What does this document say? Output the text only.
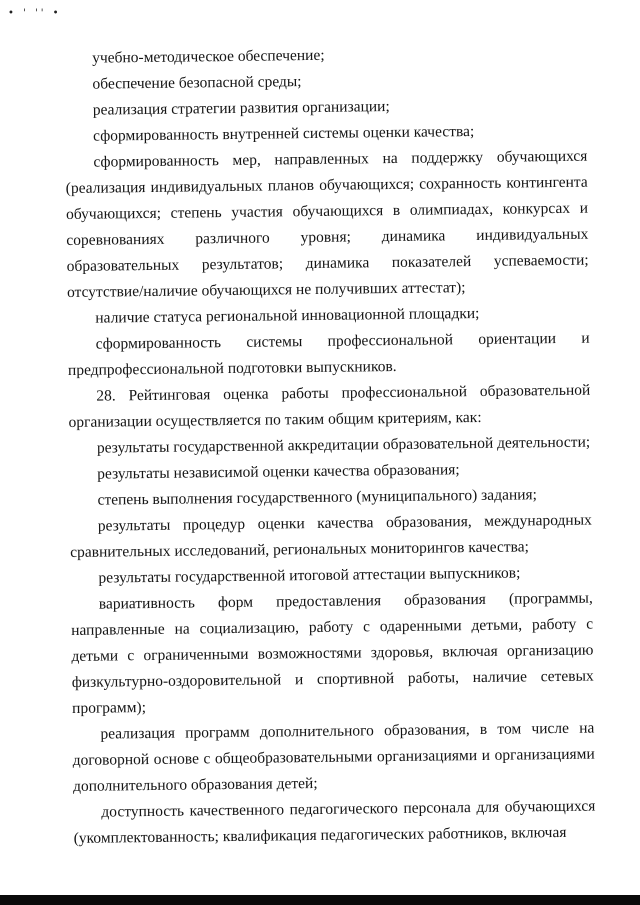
• ' '' •

учебно-методическое обеспечение;

обеспечение безопасной среды;

реализация стратегии развития организации;

сформированность внутренней системы оценки качества;

сформированность мер, направленных на поддержку обучающихся (реализация индивидуальных планов обучающихся; сохранность контингента обучающихся; степень участия обучающихся в олимпиадах, конкурсах и соревнованиях различного уровня; динамика индивидуальных образовательных результатов; динамика показателей успеваемости; отсутствие/наличие обучающихся не получивших аттестат);

наличие статуса региональной инновационной площадки;

сформированность системы профессиональной ориентации и предпрофессиональной подготовки выпускников.

28. Рейтинговая оценка работы профессиональной образовательной организации осуществляется по таким общим критериям, как:

результаты государственной аккредитации образовательной деятельности;

результаты независимой оценки качества образования;

степень выполнения государственного (муниципального) задания;

результаты процедур оценки качества образования, международных сравнительных исследований, региональных мониторингов качества;

результаты государственной итоговой аттестации выпускников;

вариативность форм предоставления образования (программы, направленные на социализацию, работу с одаренными детьми, работу с детьми с ограниченными возможностями здоровья, включая организацию физкультурно-оздоровительной и спортивной работы, наличие сетевых программ);

реализация программ дополнительного образования, в том числе на договорной основе с общеобразовательными организациями и организациями дополнительного образования детей;

доступность качественного педагогического персонала для обучающихся (укомплектованность; квалификация педагогических работников, включая
